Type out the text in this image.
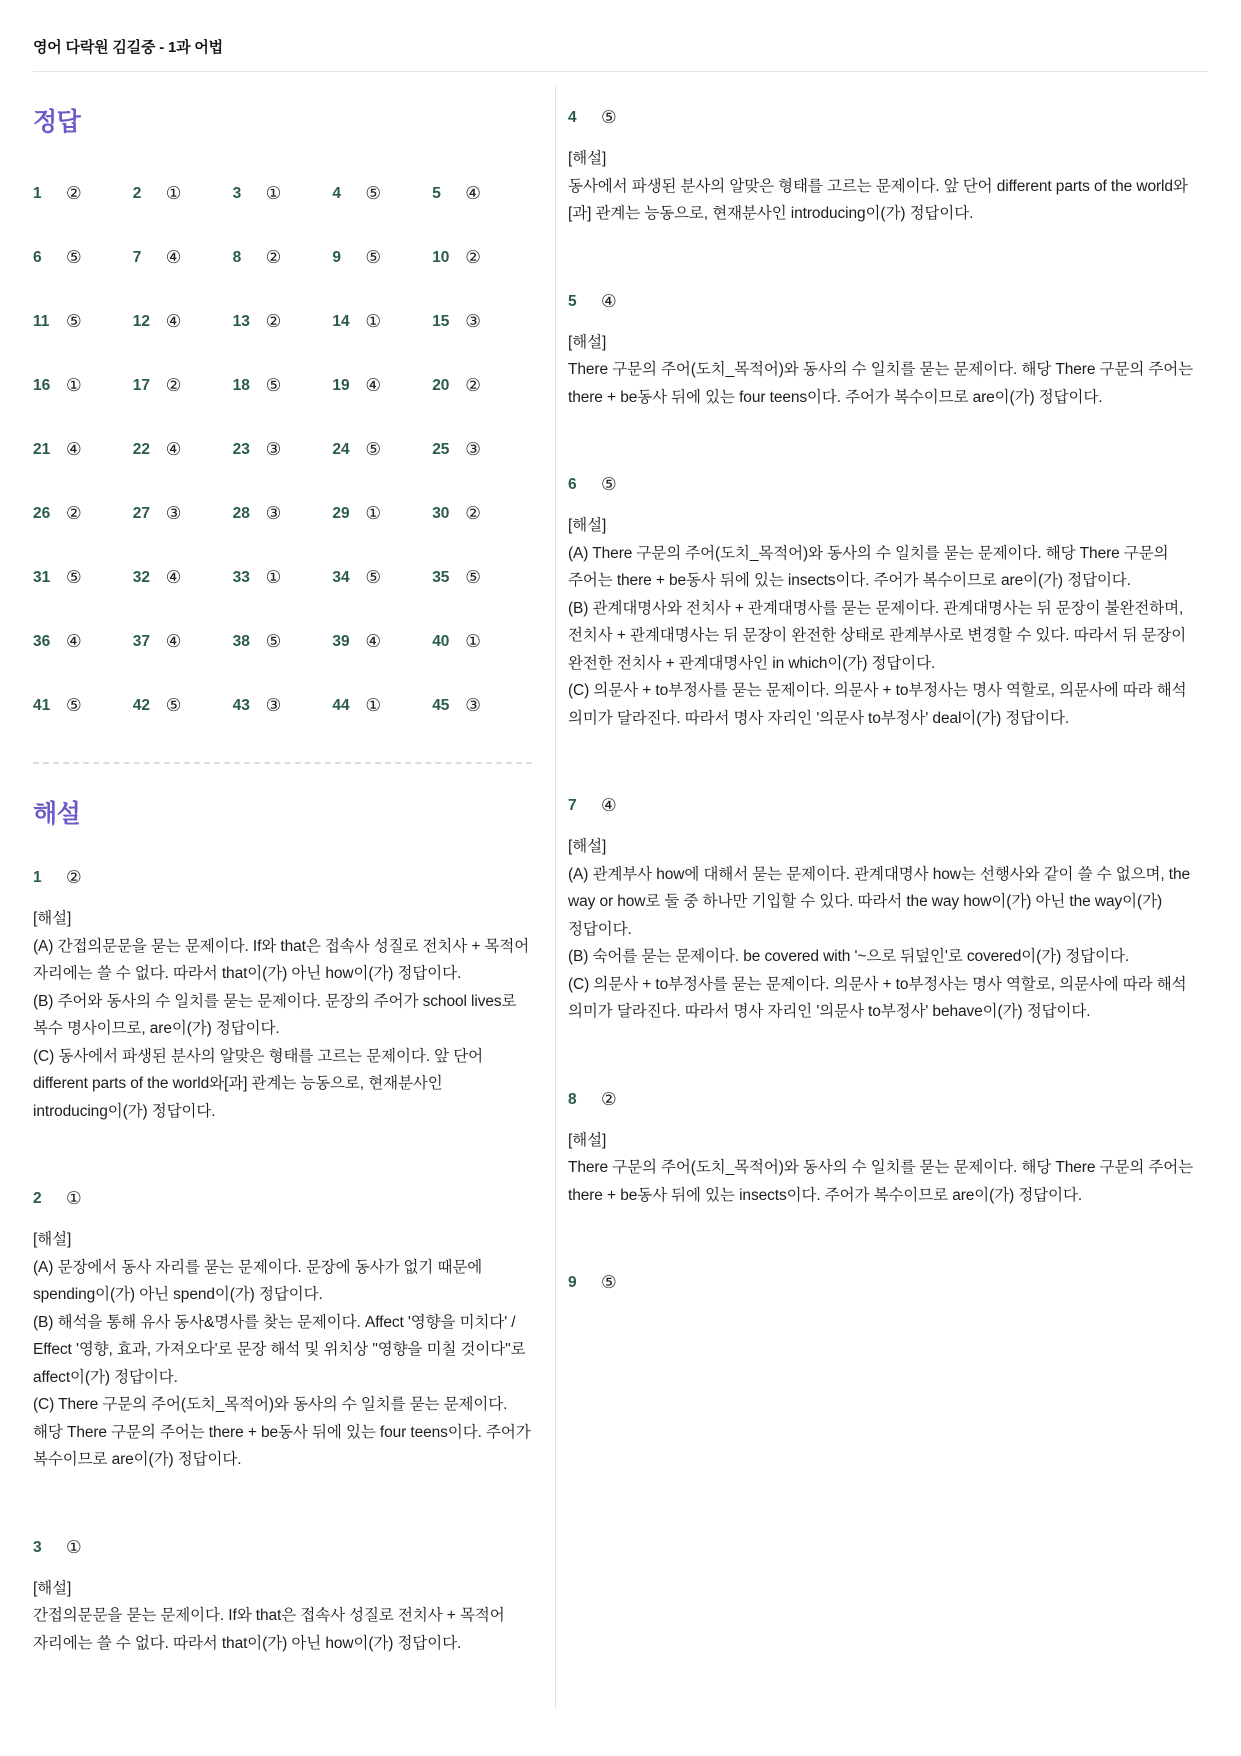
영어 다락원 김길중 - 1과 어법
정답
1	②	2	①	3	①	4	⑤	5	④
6	⑤	7	④	8	②	9	⑤	10 ②
11 ⑤	12 ④	13 ②	14 ①	15 ③
16 ①	17 ②	18 ⑤	19 ④	20 ②
21 ④	22 ④	23 ③	24 ⑤	25 ③
26 ②	27 ③	28 ③	29 ①	30 ②
31 ⑤	32 ④	33 ①	34 ⑤	35 ⑤
36 ④	37 ④	38 ⑤	39 ④	40 ①
41 ⑤	42 ⑤	43 ③	44 ①	45 ③
해설
1	②
[해설]
(A) 간접의문문을 묻는 문제이다. If와 that은 접속사 성질로 전치사 + 목적어 자리에는 쓸 수 없다. 따라서 that이(가) 아닌 how이(가) 정답이다.
(B) 주어와 동사의 수 일치를 묻는 문제이다. 문장의 주어가 school lives로 복수 명사이므로, are이(가) 정답이다.
(C) 동사에서 파생된 분사의 알맞은 형태를 고르는 문제이다. 앞 단어 different parts of the world와[과] 관계는 능동으로, 현재분사인 introducing이(가) 정답이다.
2	①
[해설]
(A) 문장에서 동사 자리를 묻는 문제이다. 문장에 동사가 없기 때문에 spending이(가) 아닌 spend이(가) 정답이다.
(B) 해석을 통해 유사 동사&명사를 찾는 문제이다. Affect '영향을 미치다' / Effect '영향, 효과, 가져오다'로 문장 해석 및 위치상 "영향을 미칠 것이다"로 affect이(가) 정답이다.
(C) There 구문의 주어(도치_목적어)와 동사의 수 일치를 묻는 문제이다. 해당 There 구문의 주어는 there + be동사 뒤에 있는 four teens이다. 주어가 복수이므로 are이(가) 정답이다.
3	①
[해설]
간접의문문을 묻는 문제이다. If와 that은 접속사 성질로 전치사 + 목적어 자리에는 쓸 수 없다. 따라서 that이(가) 아닌 how이(가) 정답이다.
4	⑤
[해설]
동사에서 파생된 분사의 알맞은 형태를 고르는 문제이다. 앞 단어 different parts of the world와[과] 관계는 능동으로, 현재분사인 introducing이(가) 정답이다.
5	④
[해설]
There 구문의 주어(도치_목적어)와 동사의 수 일치를 묻는 문제이다. 해당 There 구문의 주어는 there + be동사 뒤에 있는 four teens이다. 주어가 복수이므로 are이(가) 정답이다.
6	⑤
[해설]
(A) There 구문의 주어(도치_목적어)와 동사의 수 일치를 묻는 문제이다. 해당 There 구문의 주어는 there + be동사 뒤에 있는 insects이다. 주어가 복수이므로 are이(가) 정답이다.
(B) 관계대명사와 전치사 + 관계대명사를 묻는 문제이다. 관계대명사는 뒤 문장이 불완전하며, 전치사 + 관계대명사는 뒤 문장이 완전한 상태로 관계부사로 변경할 수 있다. 따라서 뒤 문장이 완전한 전치사 + 관계대명사인 in which이(가) 정답이다.
(C) 의문사 + to부정사를 묻는 문제이다. 의문사 + to부정사는 명사 역할로, 의문사에 따라 해석 의미가 달라진다. 따라서 명사 자리인 '의문사 to부정사' deal이(가) 정답이다.
7	④
[해설]
(A) 관계부사 how에 대해서 묻는 문제이다. 관계대명사 how는 선행사와 같이 쓸 수 없으며, the way or how로 둘 중 하나만 기입할 수 있다. 따라서 the way how이(가) 아닌 the way이(가) 정답이다.
(B) 숙어를 묻는 문제이다. be covered with '~으로 뒤덮인'로 covered이(가) 정답이다.
(C) 의문사 + to부정사를 묻는 문제이다. 의문사 + to부정사는 명사 역할로, 의문사에 따라 해석 의미가 달라진다. 따라서 명사 자리인 '의문사 to부정사' behave이(가) 정답이다.
8	②
[해설]
There 구문의 주어(도치_목적어)와 동사의 수 일치를 묻는 문제이다. 해당 There 구문의 주어는 there + be동사 뒤에 있는 insects이다. 주어가 복수이므로 are이(가) 정답이다.
9	⑤
